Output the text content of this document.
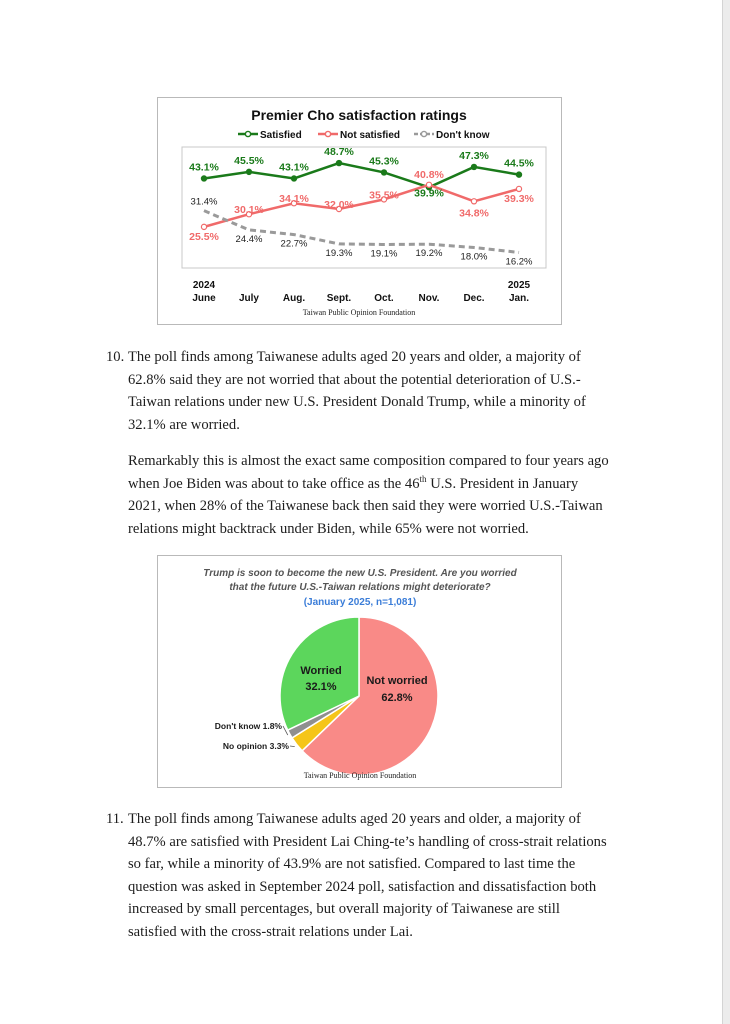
Premier Cho satisfaction ratings
Satisfied	Not satisfied	Don't know
43.1%
45.5%
43.1%
48.7%
45.3%
39.9%
47.3%
44.5%
25.5%
30.1%
34.1% 32.0%
35.5%
40.8%
34.8%
39.3%
31.4%
24.4% 22.7%
19.3% 19.1% 19.2% 18.0% 16.2%
2024
June July Aug. Sept. Oct. Nov. Dec.
2025
Jan.
Taiwan Public Opinion Foundation
10. The poll finds among Taiwanese adults aged 20 years and older, a majority of
62.8% said they are not worried that about the potential deterioration of U.S.-
Taiwan relations under new U.S. President Donald Trump, while a minority of
32.1% are worried.
Remarkably this is almost the exact same composition compared to four years ago
when Joe Biden was about to take office as the 46th U.S. President in January
2021, when 28% of the Taiwanese back then said they were worried U.S.-Taiwan
relations might backtrack under Biden, while 65% were not worried.
Trump is soon to become the new U.S. President. Are you worried
that the future U.S.-Taiwan relations might deteriorate?
(January 2025, n=1,081)
Not worried
62.8%
Worried
32.1%
Don't know 1.8%
No opinion 3.3%
Taiwan Public Opinion Foundation
11. The poll finds among Taiwanese adults aged 20 years and older, a majority of
48.7% are satisfied with President Lai Ching-te’s handling of cross-strait relations
so far, while a minority of 43.9% are not satisfied. Compared to last time the
question was asked in September 2024 poll, satisfaction and dissatisfaction both
increased by small percentages, but overall majority of Taiwanese are still
satisfied with the cross-strait relations under Lai.
